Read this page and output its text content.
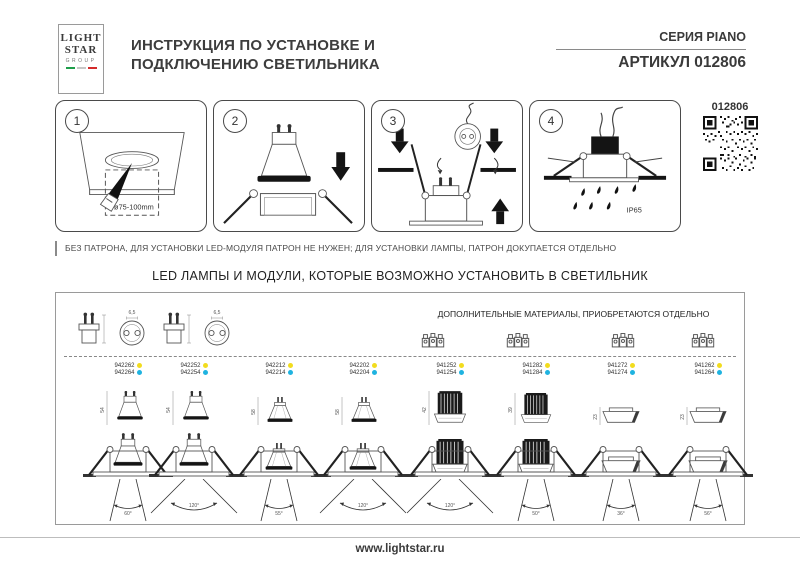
LIGHT
STAR
GROUP
ИНСТРУКЦИЯ ПО УСТАНОВКЕ И
ПОДКЛЮЧЕНИЮ СВЕТИЛЬНИКА
СЕРИЯ PIANO
АРТИКУЛ 012806
ø75-100mm
1	2	3
IP65
4
012806
БЕЗ ПАТРОНА, ДЛЯ УСТАНОВКИ LED-МОДУЛЯ ПАТРОН НЕ НУЖЕН; ДЛЯ УСТАНОВКИ ЛАМПЫ, ПАТРОН ДОКУПАЕТСЯ ОТДЕЛЬНО
LED ЛАМПЫ И МОДУЛИ, КОТОРЫЕ ВОЗМОЖНО УСТАНОВИТЬ В СВЕТИЛЬНИК
6,5	6,5	ДОПОЛНИТЕЛЬНЫЕ МАТЕРИАЛЫ, ПРИОБРЕТАЮТСЯ ОТДЕЛЬНО
942262
942264
54
60°
942252
942254
54
120°
942212
942214
58
55°
942202
942204
58
120°
941252
941254
42
120°
941282
941284
39
50°
941272
941274
23
36°
941262
941264
23
56°
www.lightstar.ru
